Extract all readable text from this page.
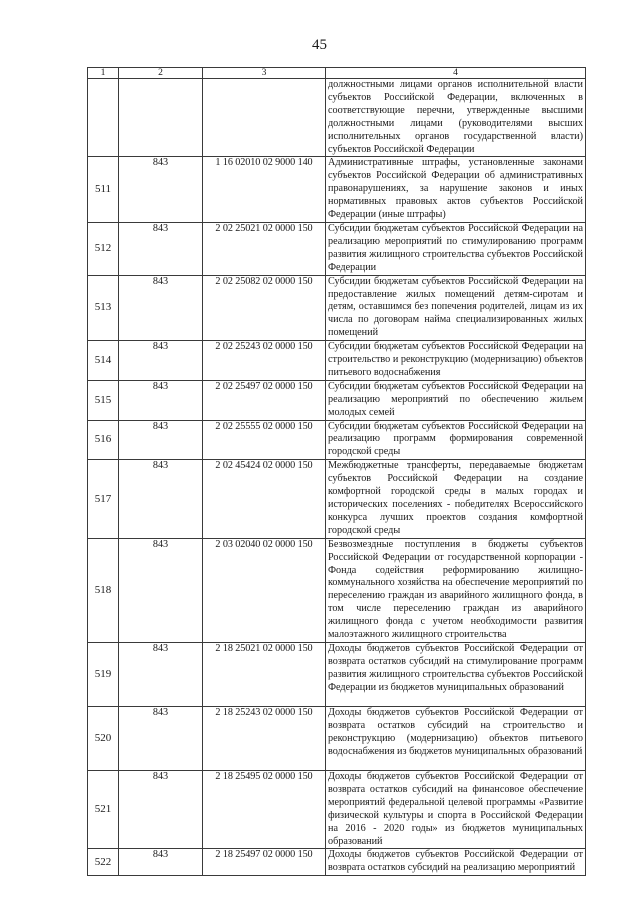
45
1	2	3	4
			должностными лицами органов исполнительной власти субъектов Российской Федерации, включенных в соответствующие перечни, утвержденные высшими должностными лицами (руководителями высших исполнительных органов государственной власти) субъектов Российской Федерации
511	843	1 16 02010 02 9000 140	Административные штрафы, установленные законами субъектов Российской Федерации об административных правонарушениях, за нарушение законов и иных нормативных правовых актов субъектов Российской Федерации (иные штрафы)
512	843	2 02 25021 02 0000 150	Субсидии бюджетам субъектов Российской Федерации на реализацию мероприятий по стимулированию программ развития жилищного строительства субъектов Российской Федерации
513	843	2 02 25082 02 0000 150	Субсидии бюджетам субъектов Российской Федерации на предоставление жилых помещений детям-сиротам и детям, оставшимся без попечения родителей, лицам из их числа по договорам найма специализированных жилых помещений
514	843	2 02 25243 02 0000 150	Субсидии бюджетам субъектов Российской Федерации на строительство и реконструкцию (модернизацию) объектов питьевого водоснабжения
515	843	2 02 25497 02 0000 150	Субсидии бюджетам субъектов Российской Федерации на реализацию мероприятий по обеспечению жильем молодых семей
516	843	2 02 25555 02 0000 150	Субсидии бюджетам субъектов Российской Федерации на реализацию программ формирования современной городской среды
517	843	2 02 45424 02 0000 150	Межбюджетные трансферты, передаваемые бюджетам субъектов Российской Федерации на создание комфортной городской среды в малых городах и исторических поселениях - победителях Всероссийского конкурса лучших проектов создания комфортной городской среды
518	843	2 03 02040 02 0000 150	Безвозмездные поступления в бюджеты субъектов Российской Федерации от государственной корпорации - Фонда содействия реформированию жилищно-коммунального хозяйства на обеспечение мероприятий по переселению граждан из аварийного жилищного фонда, в том числе переселению граждан из аварийного жилищного фонда с учетом необходимости развития малоэтажного жилищного строительства
519	843	2 18 25021 02 0000 150	Доходы бюджетов субъектов Российской Федерации от возврата остатков субсидий на стимулирование программ развития жилищного строительства субъектов Российской Федерации из бюджетов муниципальных образований
520	843	2 18 25243 02 0000 150	Доходы бюджетов субъектов Российской Федерации от возврата остатков субсидий на строительство и реконструкцию (модернизацию) объектов питьевого водоснабжения из бюджетов муниципальных образований
521	843	2 18 25495 02 0000 150	Доходы бюджетов субъектов Российской Федерации от возврата остатков субсидий на финансовое обеспечение мероприятий федеральной целевой программы «Развитие физической культуры и спорта в Российской Федерации на 2016 - 2020 годы» из бюджетов муниципальных образований
522	843	2 18 25497 02 0000 150	Доходы бюджетов субъектов Российской Федерации от возврата остатков субсидий на реализацию мероприятий
